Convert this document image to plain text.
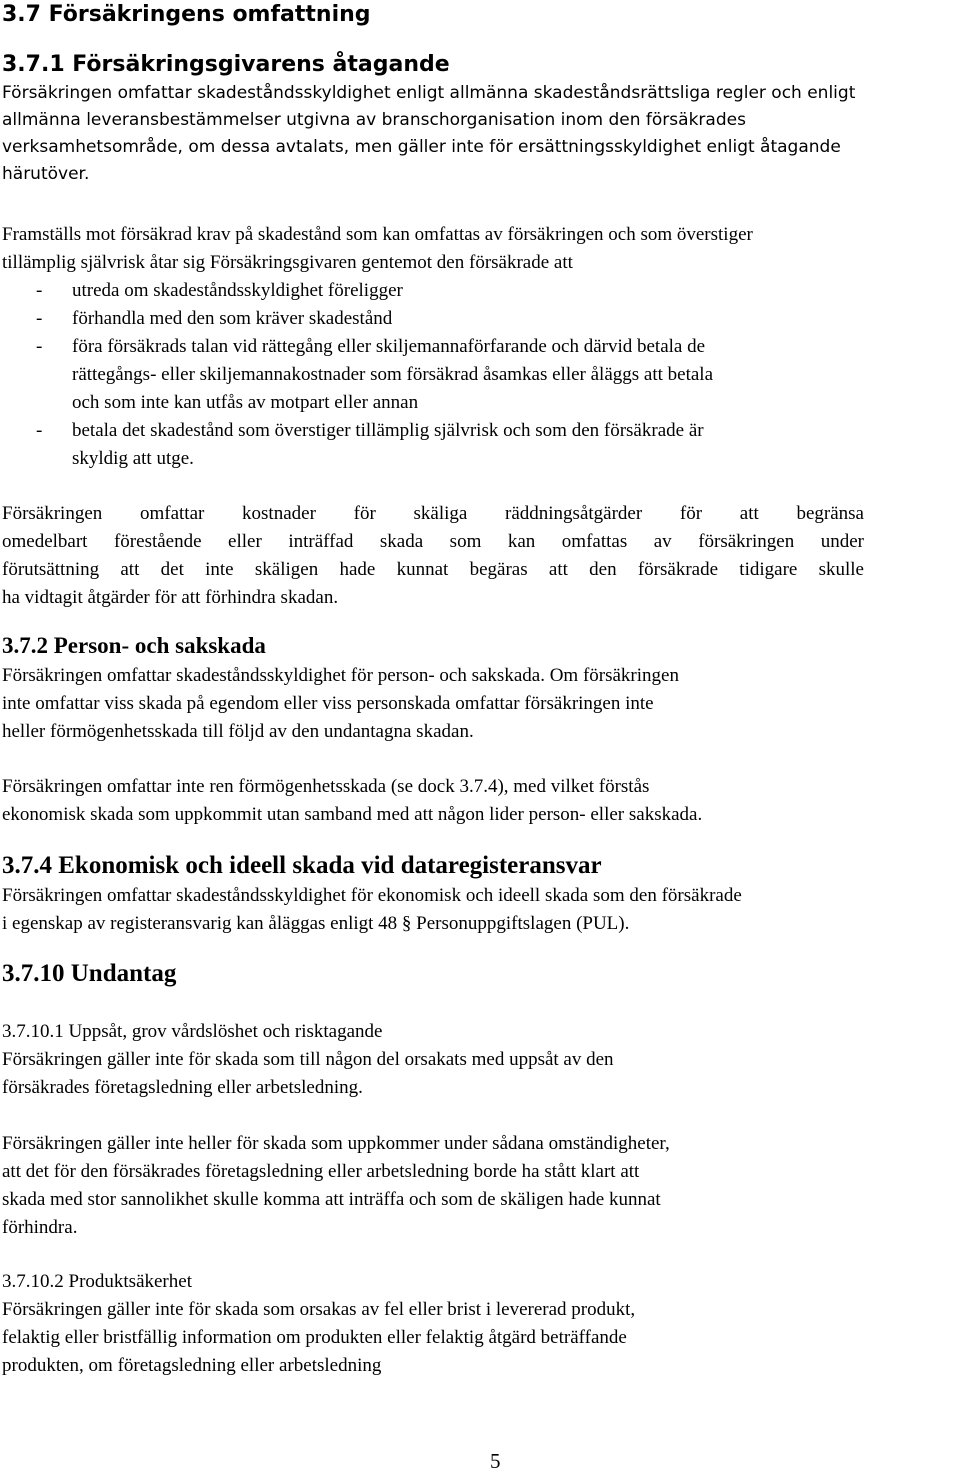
3.7 Försäkringens omfattning
3.7.1 Försäkringsgivarens åtagande
Försäkringen omfattar skadeståndsskyldighet enligt allmänna skadeståndsrättsliga regler och enligt
allmänna leveransbestämmelser utgivna av branschorganisation inom den försäkrades
verksamhetsområde, om dessa avtalats, men gäller inte för ersättningsskyldighet enligt åtagande
härutöver.
Framställs mot försäkrad krav på skadestånd som kan omfattas av försäkringen och som överstiger
tillämplig självrisk åtar sig Försäkringsgivaren gentemot den försäkrade att
- utreda om skadeståndsskyldighet föreligger
- förhandla med den som kräver skadestånd
- föra försäkrads talan vid rättegång eller skiljemannaförfarande och därvid betala de
rättegångs- eller skiljemannakostnader som försäkrad åsamkas eller åläggs att betala
och som inte kan utfås av motpart eller annan
- betala det skadestånd som överstiger tillämplig självrisk och som den försäkrade är
skyldig att utge.
Försäkringen omfattar kostnader för skäliga räddningsåtgärder för att begränsa
omedelbart förestående eller inträffad skada som kan omfattas av försäkringen under
förutsättning att det inte skäligen hade kunnat begäras att den försäkrade tidigare skulle
ha vidtagit åtgärder för att förhindra skadan.
3.7.2 Person- och sakskada
Försäkringen omfattar skadeståndsskyldighet för person- och sakskada. Om försäkringen
inte omfattar viss skada på egendom eller viss personskada omfattar försäkringen inte
heller förmögenhetsskada till följd av den undantagna skadan.
Försäkringen omfattar inte ren förmögenhetsskada (se dock 3.7.4), med vilket förstås
ekonomisk skada som uppkommit utan samband med att någon lider person- eller sakskada.
3.7.4 Ekonomisk och ideell skada vid dataregisteransvar
Försäkringen omfattar skadeståndsskyldighet för ekonomisk och ideell skada som den försäkrade
i egenskap av registeransvarig kan åläggas enligt 48 § Personuppgiftslagen (PUL).
3.7.10 Undantag
3.7.10.1 Uppsåt, grov vårdslöshet och risktagande
Försäkringen gäller inte för skada som till någon del orsakats med uppsåt av den
försäkrades företagsledning eller arbetsledning.
Försäkringen gäller inte heller för skada som uppkommer under sådana omständigheter,
att det för den försäkrades företagsledning eller arbetsledning borde ha stått klart att
skada med stor sannolikhet skulle komma att inträffa och som de skäligen hade kunnat
förhindra.
3.7.10.2 Produktsäkerhet
Försäkringen gäller inte för skada som orsakas av fel eller brist i levererad produkt,
felaktig eller bristfällig information om produkten eller felaktig åtgärd beträffande
produkten, om företagsledning eller arbetsledning
5
